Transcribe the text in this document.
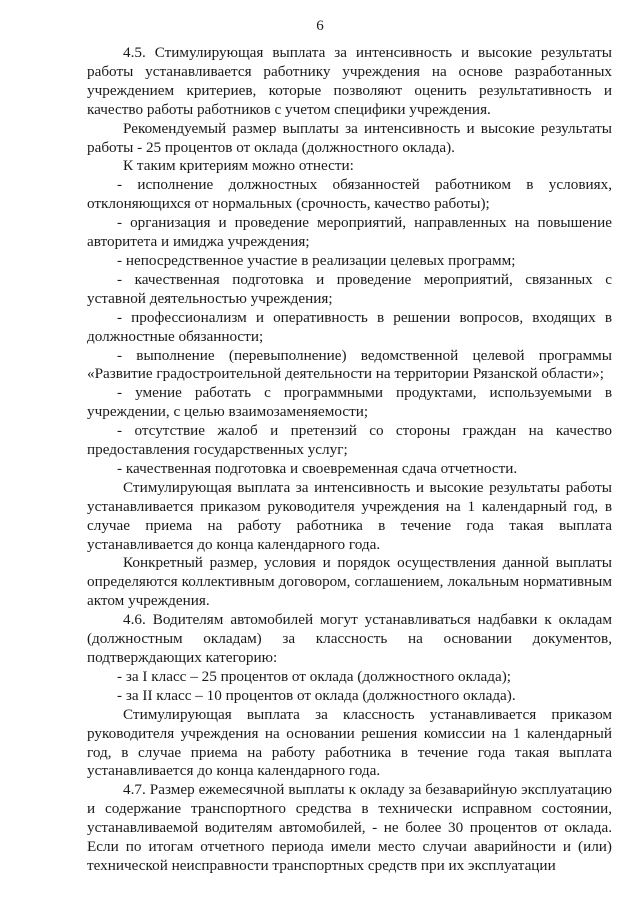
6

4.5. Стимулирующая выплата за интенсивность и высокие результаты работы устанавливается работнику учреждения на основе разработанных учреждением критериев, которые позволяют оценить результативность и качество работы работников с учетом специфики учреждения.

Рекомендуемый размер выплаты за интенсивность и высокие результаты работы - 25 процентов от оклада (должностного оклада).

К таким критериям можно отнести:

- исполнение должностных обязанностей работником в условиях, отклоняющихся от нормальных (срочность, качество работы);

- организация и проведение мероприятий, направленных на повышение авторитета и имиджа учреждения;

- непосредственное участие в реализации целевых программ;

- качественная подготовка и проведение мероприятий, связанных с уставной деятельностью учреждения;

- профессионализм и оперативность в решении вопросов, входящих в должностные обязанности;

- выполнение (перевыполнение) ведомственной целевой программы «Развитие градостроительной деятельности на территории Рязанской области»;

- умение работать с программными продуктами, используемыми в учреждении, с целью взаимозаменяемости;

- отсутствие жалоб и претензий со стороны граждан на качество предоставления государственных услуг;

- качественная подготовка и своевременная сдача отчетности.

Стимулирующая выплата за интенсивность и высокие результаты работы устанавливается приказом руководителя учреждения на 1 календарный год, в случае приема на работу работника в течение года такая выплата устанавливается до конца календарного года.

Конкретный размер, условия и порядок осуществления данной выплаты определяются коллективным договором, соглашением, локальным нормативным актом учреждения.

4.6. Водителям автомобилей могут устанавливаться надбавки к окладам (должностным окладам) за классность на основании документов, подтверждающих категорию:

- за I класс – 25 процентов от оклада (должностного оклада);

- за II класс – 10 процентов от оклада (должностного оклада).

Стимулирующая выплата за классность устанавливается приказом руководителя учреждения на основании решения комиссии на 1 календарный год, в случае приема на работу работника в течение года такая выплата устанавливается до конца календарного года.

4.7. Размер ежемесячной выплаты к окладу за безаварийную эксплуатацию и содержание транспортного средства в технически исправном состоянии, устанавливаемой водителям автомобилей, - не более 30 процентов от оклада. Если по итогам отчетного периода имели место случаи аварийности и (или) технической неисправности транспортных средств при их эксплуатации
